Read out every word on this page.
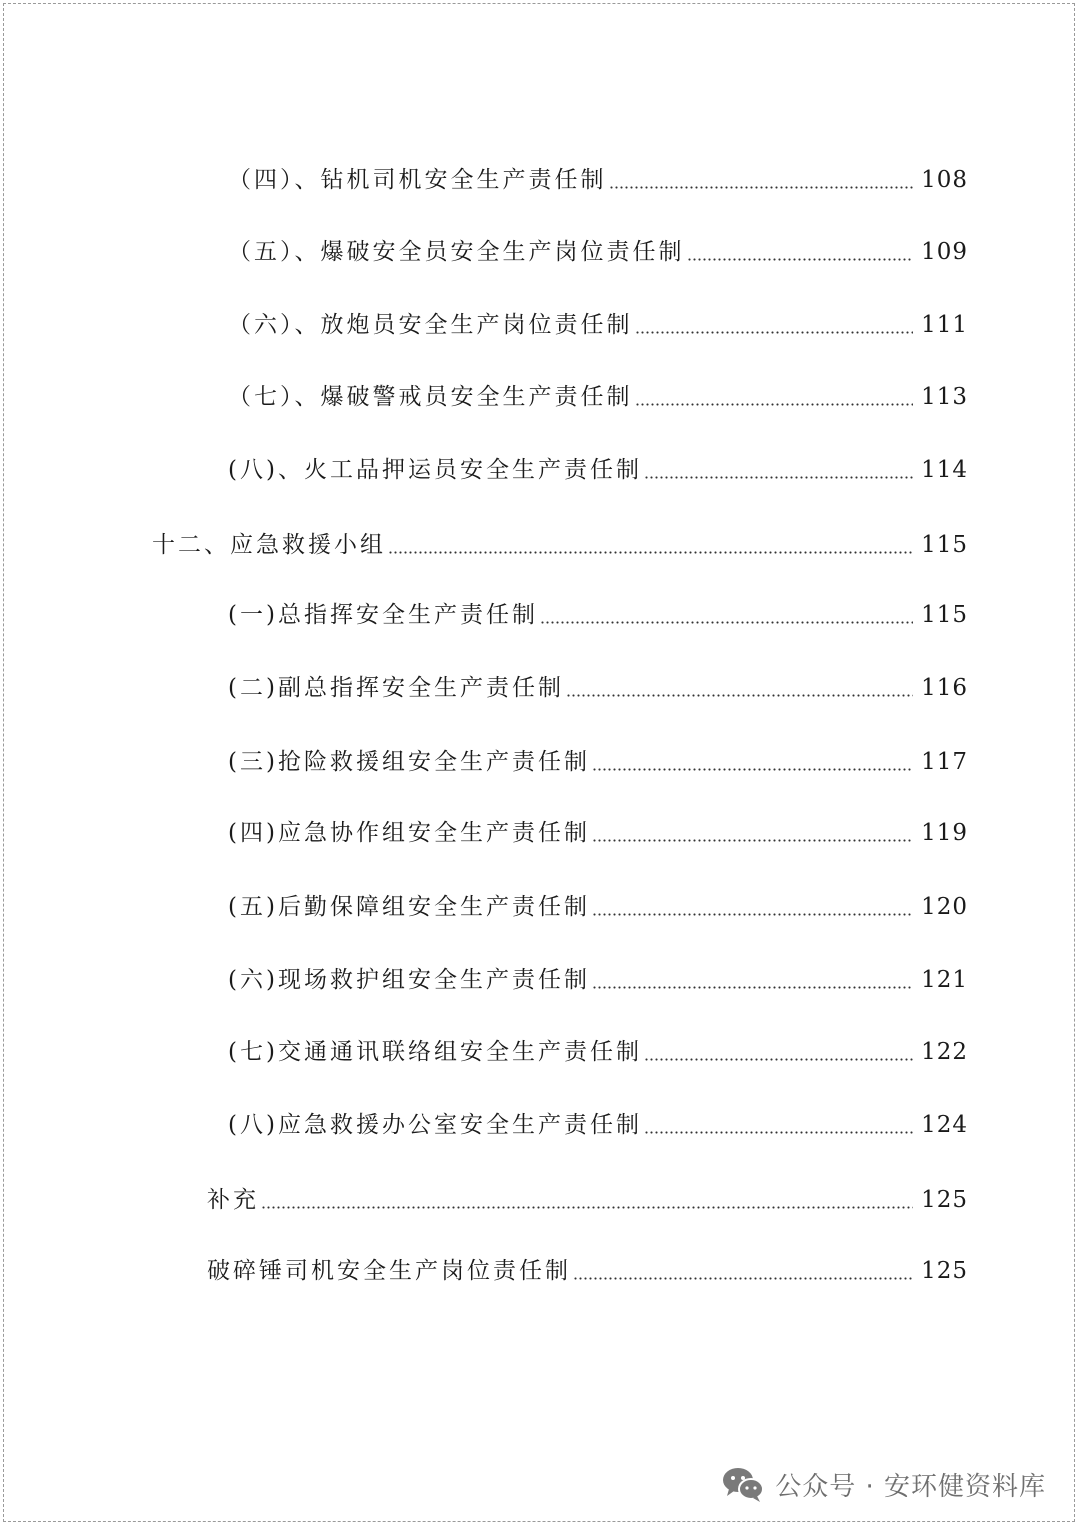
（四）、钻机司机安全生产责任制	108
（五）、爆破安全员安全生产岗位责任制	109
（六）、放炮员安全生产岗位责任制	111
（七）、爆破警戒员安全生产责任制	113
(八)、火工品押运员安全生产责任制	114
十二、应急救援小组	115
(一)总指挥安全生产责任制	115
(二)副总指挥安全生产责任制	116
(三)抢险救援组安全生产责任制	117
(四)应急协作组安全生产责任制	119
(五)后勤保障组安全生产责任制	120
(六)现场救护组安全生产责任制	121
(七)交通通讯联络组安全生产责任制	122
(八)应急救援办公室安全生产责任制	124
补充	125
破碎锤司机安全生产岗位责任制	125
公众号 · 安环健资料库
